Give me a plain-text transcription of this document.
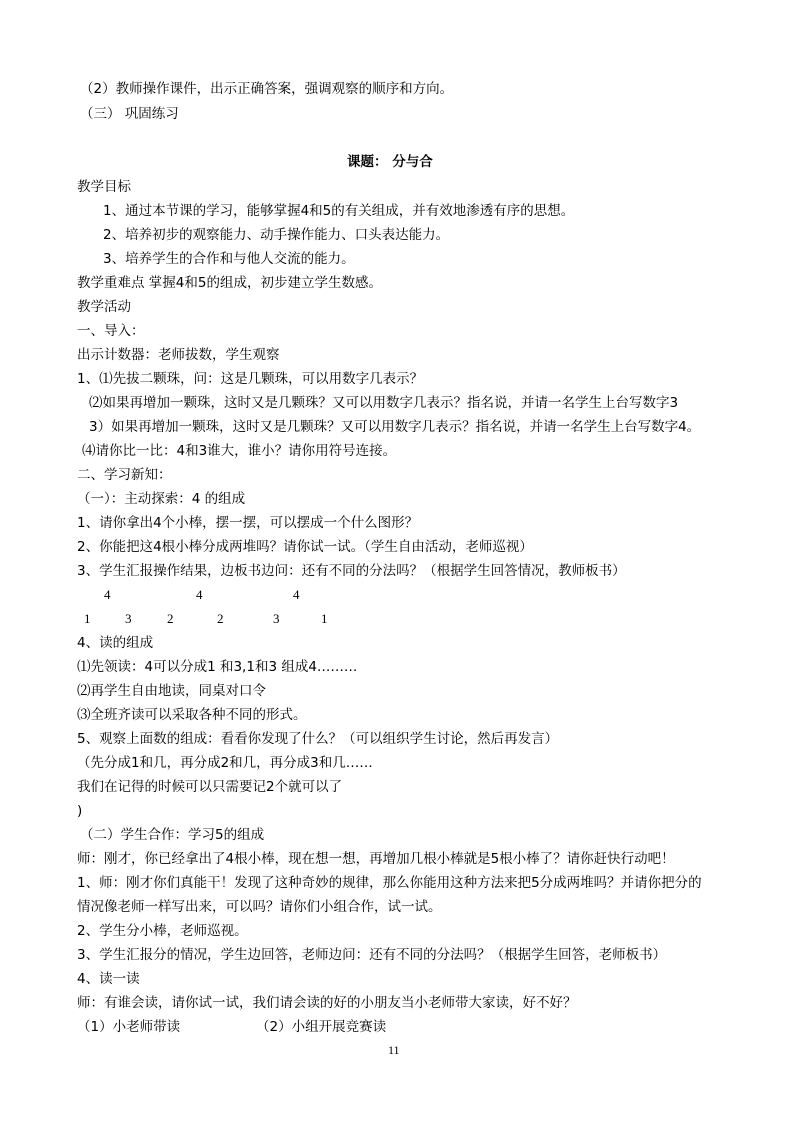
（2）教师操作课件，出示正确答案，强调观察的顺序和方向。
（三） 巩固练习
课题： 分与合
教学目标
1、通过本节课的学习，能够掌握4和5的有关组成，并有效地渗透有序的思想。
2、培养初步的观察能力、动手操作能力、口头表达能力。
3、培养学生的合作和与他人交流的能力。
教学重难点 掌握4和5的组成，初步建立学生数感。
教学活动
一、导入：
出示计数器：老师拔数，学生观察
1、⑴先拔二颗珠，问：这是几颗珠，可以用数字几表示？
⑵如果再增加一颗珠，这时又是几颗珠？又可以用数字几表示？指名说，并请一名学生上台写数字3
3）如果再增加一颗珠，这时又是几颗珠？又可以用数字几表示？指名说，并请一名学生上台写数字4。
⑷请你比一比：4和3谁大，谁小？请你用符号连接。
二、学习新知：
（一）：主动探索：4 的组成
1、请你拿出4个小棒，摆一摆，可以摆成一个什么图形？
2、你能把这4根小棒分成两堆吗？请你试一试。（学生自由活动，老师巡视）
3、学生汇报操作结果，边板书边问：还有不同的分法吗？（根据学生回答情况，教师板书）
4	4	4
1	3	2	2	3	1
4、读的组成
⑴先领读：4可以分成1 和3,1和3 组成4………
⑵再学生自由地读，同桌对口令
⑶全班齐读可以采取各种不同的形式。
5、观察上面数的组成：看看你发现了什么？（可以组织学生讨论，然后再发言）
（先分成1和几，再分成2和几，再分成3和几……
我们在记得的时候可以只需要记2个就可以了
)
（二）学生合作：学习5的组成
师：刚才，你已经拿出了4根小棒，现在想一想，再增加几根小棒就是5根小棒了？请你赶快行动吧！
1、师：刚才你们真能干！发现了这种奇妙的规律，那么你能用这种方法来把5分成两堆吗？并请你把分的
情况像老师一样写出来，可以吗？请你们小组合作，试一试。
2、学生分小棒，老师巡视。
3、学生汇报分的情况，学生边回答，老师边问：还有不同的分法吗？（根据学生回答，老师板书）
4、读一读
师：有谁会读，请你试一试，我们请会读的好的小朋友当小老师带大家读，好不好？
（1）小老师带读	（2）小组开展竞赛读
11
